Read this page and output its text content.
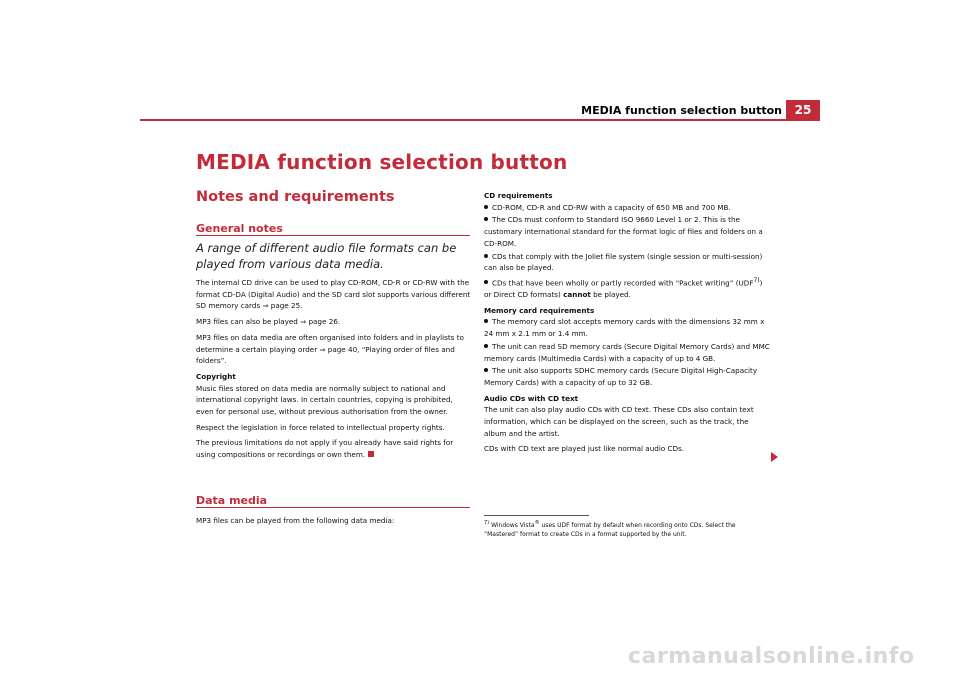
MEDIA function selection button	25
MEDIA function selection button
Notes and requirements
General notes
A range of different audio file formats can be played from various data media.

The internal CD drive can be used to play CD-ROM, CD-R or CD-RW with the format CD-DA (Digital Audio) and the SD card slot supports various different SD memory cards ⇒ page 25.

MP3 files can also be played ⇒ page 26.

MP3 files on data media are often organised into folders and in playlists to determine a certain playing order ⇒ page 40, “Playing order of files and folders”.

Copyright

Music files stored on data media are normally subject to national and international copyright laws. In certain countries, copying is prohibited, even for personal use, without previous authorisation from the owner.

Respect the legislation in force related to intellectual property rights.

The previous limitations do not apply if you already have said rights for using compositions or recordings or own them.

Data media

MP3 files can be played from the following data media:

CD requirements

CD-ROM, CD-R and CD-RW with a capacity of 650 MB and 700 MB.

The CDs must conform to Standard ISO 9660 Level 1 or 2. This is the customary international standard for the format logic of files and folders on a CD-ROM.

CDs that comply with the Joliet file system (single session or multi-session) can also be played.

CDs that have been wholly or partly recorded with “Packet writing” (UDF$^{7)}$) or Direct CD formats) cannot be played.

Memory card requirements

The memory card slot accepts memory cards with the dimensions 32 mm x 24 mm x 2.1 mm or 1.4 mm.

The unit can read SD memory cards (Secure Digital Memory Cards) and MMC memory cards (Multimedia Cards) with a capacity of up to 4 GB.

The unit also supports SDHC memory cards (Secure Digital High-Capacity Memory Cards) with a capacity of up to 32 GB.

Audio CDs with CD text

The unit can also play audio CDs with CD text. These CDs also contain text information, which can be displayed on the screen, such as the track, the album and the artist.

CDs with CD text are played just like normal audio CDs.

$^{7)}$ Windows Vista® uses UDF format by default when recording onto CDs. Select the “Mastered” format to create CDs in a format supported by the unit.
carmanualsonline.info
